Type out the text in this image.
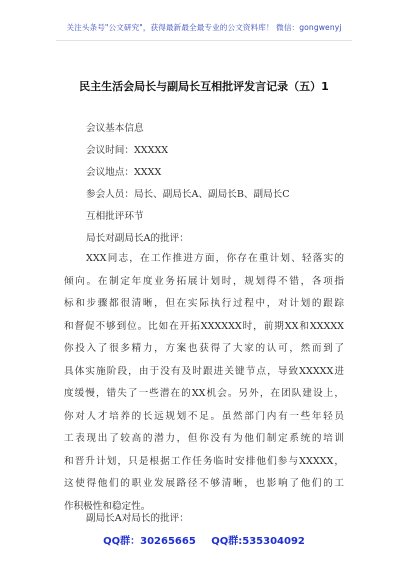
关注头条号"公文研究"，获得最新最全最专业的公文资料库！ 微信：gongwenyj
民主生活会局长与副局长互相批评发言记录（五）1
会议基本信息
会议时间：XXXXX
会议地点：XXXX
参会人员：局长、副局长A、副局长B、副局长C
互相批评环节
局长对副局长A的批评：
XXX同志，在工作推进方面，你存在重计划、轻落实的
倾向。在制定年度业务拓展计划时，规划得不错，各项指
标和步骤都很清晰，但在实际执行过程中，对计划的跟踪
和督促不够到位。比如在开拓XXXXXX时，前期XX和XXXXX
你投入了很多精力，方案也获得了大家的认可，然而到了
具体实施阶段，由于没有及时跟进关键节点，导致XXXXX进
度缓慢，错失了一些潜在的XX机会。另外，在团队建设上，
你对人才培养的长远规划不足。虽然部门内有一些年轻员
工表现出了较高的潜力，但你没有为他们制定系统的培训
和晋升计划，只是根据工作任务临时安排他们参与XXXXX，
这使得他们的职业发展路径不够清晰，也影响了他们的工
作积极性和稳定性。
副局长A对局长的批评：
QQ群：30265665 QQ群:535304092
